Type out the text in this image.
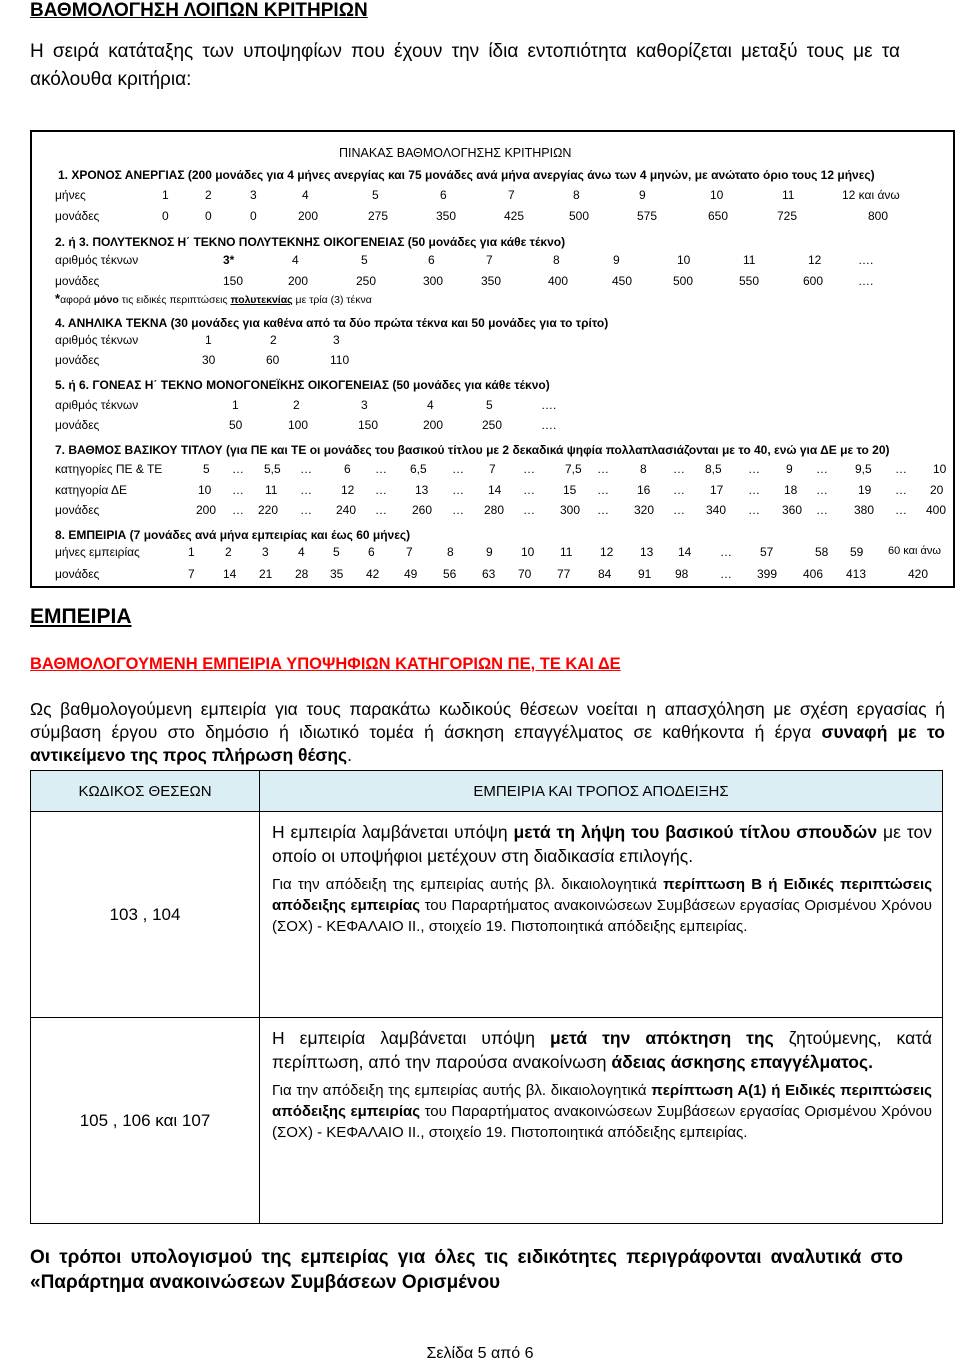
ΒΑΘΜΟΛΟΓΗΣΗ ΛΟΙΠΩΝ ΚΡΙΤΗΡΙΩΝ
Η σειρά κατάταξης των υποψηφίων που έχουν την ίδια εντοπιότητα καθορίζεται μεταξύ τους με τα ακόλουθα κριτήρια:
ΠΙΝΑΚΑΣ ΒΑΘΜΟΛΟΓΗΣΗΣ ΚΡΙΤΗΡΙΩΝ
1. ΧΡΟΝΟΣ ΑΝΕΡΓΙΑΣ (200 μονάδες για 4 μήνες ανεργίας και 75 μονάδες ανά μήνα ανεργίας άνω των 4 μηνών, με ανώτατο όριο τους 12 μήνες)
μήνες	1	2	3	4	5	6	7	8	9	10	11	12 και άνω
μονάδες	0	0	0	200	275	350	425	500	575	650	725	800
2. ή 3. ΠΟΛΥΤΕΚΝΟΣ Η΄ ΤΕΚΝΟ ΠΟΛΥΤΕΚΝΗΣ ΟΙΚΟΓΕΝΕΙΑΣ (50 μονάδες για κάθε τέκνο)
αριθμός τέκνων	3*	4	5	6	7	8	9	10	11	12	….
μονάδες	150	200	250	300	350	400	450	500	550	600	….
*αφορά μόνο τις ειδικές περιπτώσεις πολυτεκνίας με τρία (3) τέκνα
4. ΑΝΗΛΙΚΑ ΤΕΚΝΑ (30 μονάδες για καθένα από τα δύο πρώτα τέκνα και 50 μονάδες για το τρίτο)
αριθμός τέκνων	1	2	3
μονάδες	30	60	110
5. ή 6. ΓΟΝΕΑΣ Η΄ ΤΕΚΝΟ ΜΟΝΟΓΟΝΕΪΚΗΣ ΟΙΚΟΓΕΝΕΙΑΣ (50 μονάδες για κάθε τέκνο)
αριθμός τέκνων	1	2	3	4	5	….
μονάδες	50	100	150	200	250	….
7. ΒΑΘΜΟΣ ΒΑΣΙΚΟΥ ΤΙΤΛΟΥ (για ΠΕ και ΤΕ οι μονάδες του βασικού τίτλου με 2 δεκαδικά ψηφία πολλαπλασιάζονται με το 40, ενώ για ΔΕ με το 20)
κατηγορίες ΠΕ & ΤΕ	5 … 5,5 …	6 … 6,5 … 7 …	7,5 …	8 … 8,5 … 9 … 9,5 … 10
κατηγορία ΔΕ	10 … 11 … 12 … 13 … 14 … 15 … 16 … 17 … 18 …	19 … 20
μονάδες	200 … 220 … 240 … 260 … 280 … 300 … 320 … 340 … 360 … 380 … 400
8. ΕΜΠΕΙΡΙΑ (7 μονάδες ανά μήνα εμπειρίας και έως 60 μήνες)
μήνες εμπειρίας	1	2	3 4 5 6	7	8	9 10 11 12 13 14 … 57	58 59 60 και άνω
μονάδες	7 14 21 28 35 42 49 56 63 70 77 84 91 98	… 399 406 413	420
ΕΜΠΕΙΡΙΑ
ΒΑΘΜΟΛΟΓΟΥΜΕΝΗ ΕΜΠΕΙΡΙΑ ΥΠΟΨΗΦΙΩΝ ΚΑΤΗΓΟΡΙΩΝ ΠΕ, ΤΕ ΚΑΙ ΔΕ
Ως βαθμολογούμενη εμπειρία για τους παρακάτω κωδικούς θέσεων νοείται η απασχόληση με σχέση εργασίας ή σύμβαση έργου στο δημόσιο ή ιδιωτικό τομέα ή άσκηση επαγγέλματος σε καθήκοντα ή έργα συναφή με το αντικείμενο της προς πλήρωση θέσης.
ΚΩΔΙΚΟΣ ΘΕΣΕΩΝ	ΕΜΠΕΙΡΙΑ ΚΑΙ ΤΡΟΠΟΣ ΑΠΟΔΕΙΞΗΣ
103 , 104	Η εμπειρία λαμβάνεται υπόψη μετά τη λήψη του βασικού τίτλου σπουδών με τον οποίο οι υποψήφιοι μετέχουν στη διαδικασία επιλογής.
Για την απόδειξη της εμπειρίας αυτής βλ. δικαιολογητικά περίπτωση Β ή Ειδικές περιπτώσεις απόδειξης εμπειρίας του Παραρτήματος ανακοινώσεων Συμβάσεων εργασίας Ορισμένου Χρόνου (ΣΟΧ) - ΚΕΦΑΛΑΙΟ ΙΙ., στοιχείο 19. Πιστοποιητικά απόδειξης εμπειρίας.

105 , 106 και 107	Η εμπειρία λαμβάνεται υπόψη μετά την απόκτηση της ζητούμενης, κατά περίπτωση, από την παρούσα ανακοίνωση άδειας άσκησης επαγγέλματος.
Για την απόδειξη της εμπειρίας αυτής βλ. δικαιολογητικά περίπτωση Α(1) ή Ειδικές περιπτώσεις απόδειξης εμπειρίας του Παραρτήματος ανακοινώσεων Συμβάσεων εργασίας Ορισμένου Χρόνου (ΣΟΧ) - ΚΕΦΑΛΑΙΟ ΙΙ., στοιχείο 19. Πιστοποιητικά απόδειξης εμπειρίας.
Οι τρόποι υπολογισμού της εμπειρίας για όλες τις ειδικότητες περιγράφονται αναλυτικά στο «Παράρτημα ανακοινώσεων Συμβάσεων Ορισμένου
Σελίδα 5 από 6
